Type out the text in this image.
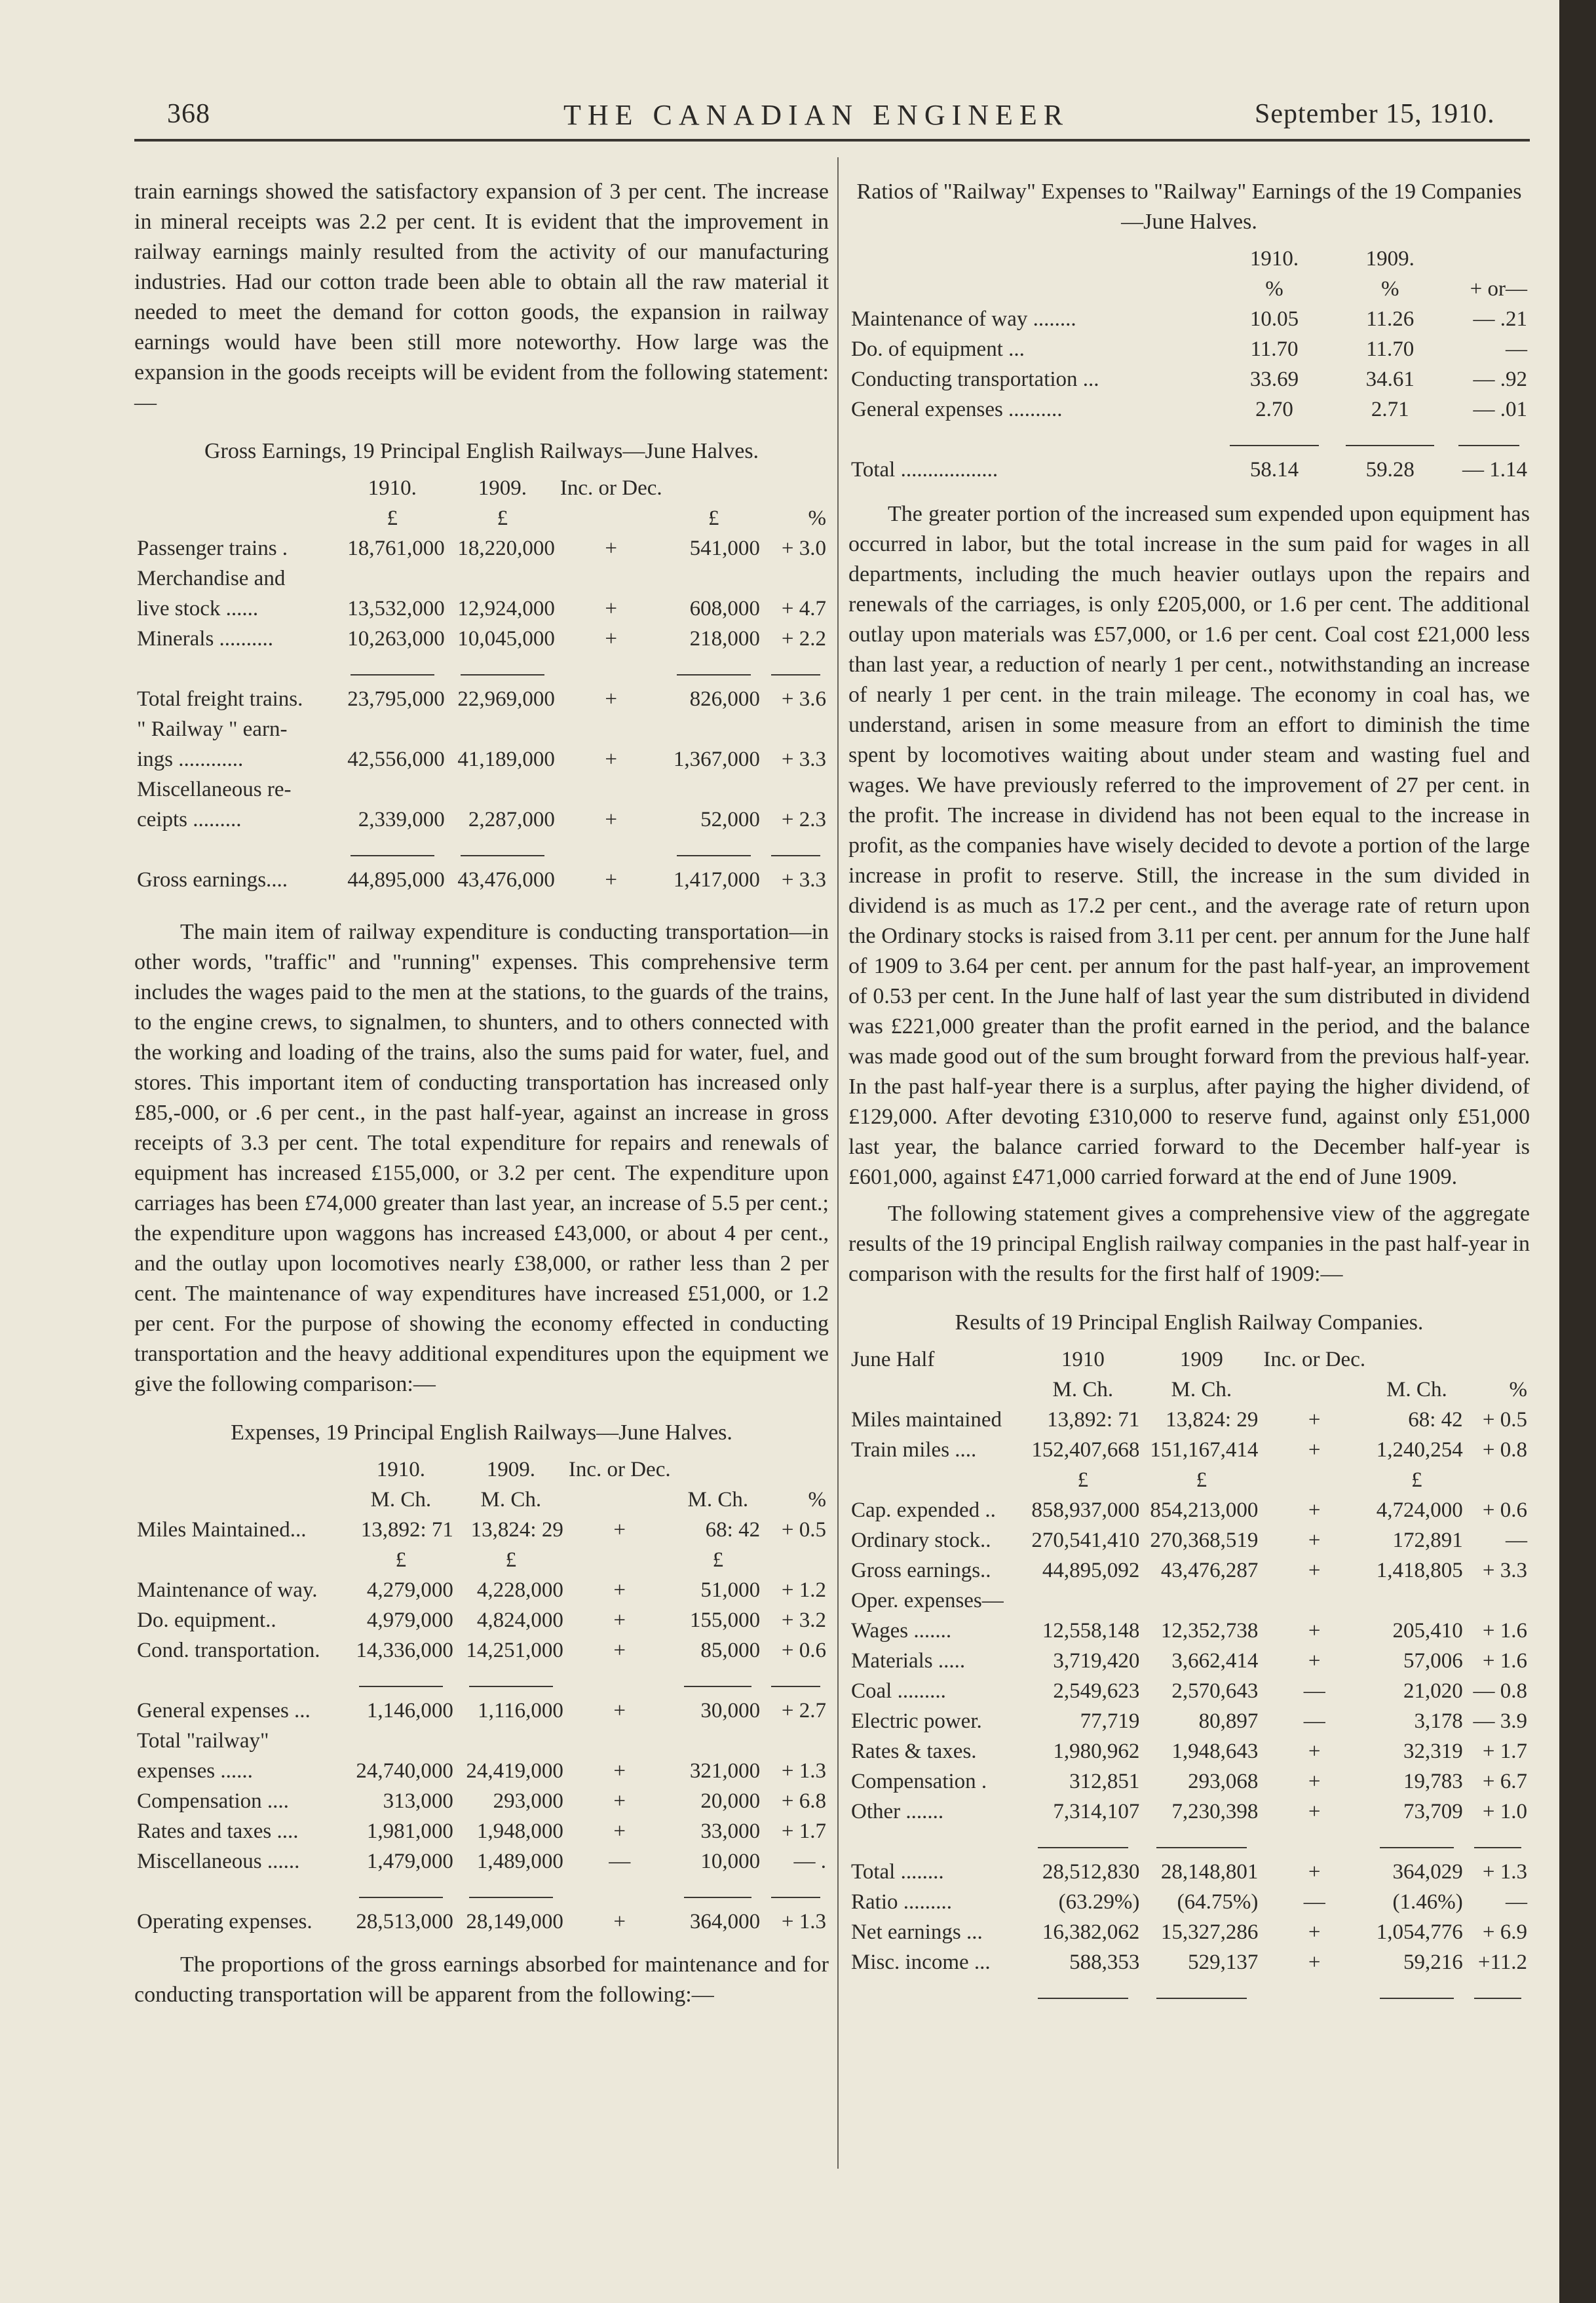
368	THE CANADIAN ENGINEER	September 15, 1910.

train earnings showed the satisfactory expansion of 3 per cent. The increase in mineral receipts was 2.2 per cent. It is evident that the improvement in railway earnings mainly resulted from the activity of our manufacturing industries. Had our cotton trade been able to obtain all the raw material it needed to meet the demand for cotton goods, the expansion in railway earnings would have been still more noteworthy. How large was the expansion in the goods receipts will be evident from the following statement:—

Gross Earnings, 19 Principal English Railways—June Halves.
	1910.	1909.	Inc. or Dec.		
	£	£		£	%
Passenger trains .	18,761,000	18,220,000	+	541,000	+ 3.0
Merchandise and					
live stock ......	13,532,000	12,924,000	+	608,000	+ 4.7
Minerals ..........	10,263,000	10,045,000	+	218,000	+ 2.2

Total freight trains.	23,795,000	22,969,000	+	826,000	+ 3.6
" Railway " earn-					
ings ............	42,556,000	41,189,000	+	1,367,000	+ 3.3
Miscellaneous re-					
ceipts .........	2,339,000	2,287,000	+	52,000	+ 2.3

Gross earnings....	44,895,000	43,476,000	+	1,417,000	+ 3.3

The main item of railway expenditure is conducting transportation—in other words, "traffic" and "running" expenses. This comprehensive term includes the wages paid to the men at the stations, to the guards of the trains, to the engine crews, to signalmen, to shunters, and to others connected with the working and loading of the trains, also the sums paid for water, fuel, and stores. This important item of conducting transportation has increased only £85,-000, or .6 per cent., in the past half-year, against an increase in gross receipts of 3.3 per cent. The total expenditure for repairs and renewals of equipment has increased £155,000, or 3.2 per cent. The expenditure upon carriages has been £74,000 greater than last year, an increase of 5.5 per cent.; the expenditure upon waggons has increased £43,000, or about 4 per cent., and the outlay upon locomotives nearly £38,000, or rather less than 2 per cent. The maintenance of way expenditures have increased £51,000, or 1.2 per cent. For the purpose of showing the economy effected in conducting transportation and the heavy additional expenditures upon the equipment we give the following comparison:—

Expenses, 19 Principal English Railways—June Halves.
	1910.	1909.	Inc. or Dec.		
	M. Ch.	M. Ch.		M. Ch.	%
Miles Maintained...	13,892: 71	13,824: 29	+	68: 42	+ 0.5
	£	£		£	
Maintenance of way.	4,279,000	4,228,000	+	51,000	+ 1.2
Do. equipment..	4,979,000	4,824,000	+	155,000	+ 3.2
Cond. transportation.	14,336,000	14,251,000	+	85,000	+ 0.6

General expenses ...	1,146,000	1,116,000	+	30,000	+ 2.7
Total "railway"					
expenses ......	24,740,000	24,419,000	+	321,000	+ 1.3
Compensation ....	313,000	293,000	+	20,000	+ 6.8
Rates and taxes ....	1,981,000	1,948,000	+	33,000	+ 1.7
Miscellaneous ......	1,479,000	1,489,000	—	10,000	— .

Operating expenses.	28,513,000	28,149,000	+	364,000	+ 1.3

The proportions of the gross earnings absorbed for maintenance and for conducting transportation will be apparent from the following:—

Ratios of "Railway" Expenses to "Railway" Earnings of the 19 Companies—June Halves.
	1910.	1909.	
	%	%	+ or—
Maintenance of way ........	10.05	11.26	— .21
Do. of equipment ...	11.70	11.70	—
Conducting transportation ...	33.69	34.61	— .92
General expenses ..........	2.70	2.71	— .01

Total ..................	58.14	59.28	— 1.14

The greater portion of the increased sum expended upon equipment has occurred in labor, but the total increase in the sum paid for wages in all departments, including the much heavier outlays upon the repairs and renewals of the carriages, is only £205,000, or 1.6 per cent. The additional outlay upon materials was £57,000, or 1.6 per cent. Coal cost £21,000 less than last year, a reduction of nearly 1 per cent., notwithstanding an increase of nearly 1 per cent. in the train mileage. The economy in coal has, we understand, arisen in some measure from an effort to diminish the time spent by locomotives waiting about under steam and wasting fuel and wages. We have previously referred to the improvement of 27 per cent. in the profit. The increase in dividend has not been equal to the increase in profit, as the companies have wisely decided to devote a portion of the large increase in profit to reserve. Still, the increase in the sum divided in dividend is as much as 17.2 per cent., and the average rate of return upon the Ordinary stocks is raised from 3.11 per cent. per annum for the June half of 1909 to 3.64 per cent. per annum for the past half-year, an improvement of 0.53 per cent. In the June half of last year the sum distributed in dividend was £221,000 greater than the profit earned in the period, and the balance was made good out of the sum brought forward from the previous half-year. In the past half-year there is a surplus, after paying the higher dividend, of £129,000. After devoting £310,000 to reserve fund, against only £51,000 last year, the balance carried forward to the December half-year is £601,000, against £471,000 carried forward at the end of June 1909.

The following statement gives a comprehensive view of the aggregate results of the 19 principal English railway companies in the past half-year in comparison with the results for the first half of 1909:—

Results of 19 Principal English Railway Companies.
June Half	1910	1909	Inc. or Dec.		
	M. Ch.	M. Ch.		M. Ch.	%
Miles maintained	13,892: 71	13,824: 29	+	68: 42	+ 0.5
Train miles ....	152,407,668	151,167,414	+	1,240,254	+ 0.8
	£	£		£	
Cap. expended ..	858,937,000	854,213,000	+	4,724,000	+ 0.6
Ordinary stock..	270,541,410	270,368,519	+	172,891	—
Gross earnings..	44,895,092	43,476,287	+	1,418,805	+ 3.3
Oper. expenses—					
Wages .......	12,558,148	12,352,738	+	205,410	+ 1.6
Materials .....	3,719,420	3,662,414	+	57,006	+ 1.6
Coal .........	2,549,623	2,570,643	—	21,020	— 0.8
Electric power.	77,719	80,897	—	3,178	— 3.9
Rates & taxes.	1,980,962	1,948,643	+	32,319	+ 1.7
Compensation .	312,851	293,068	+	19,783	+ 6.7
Other .......	7,314,107	7,230,398	+	73,709	+ 1.0

Total ........	28,512,830	28,148,801	+	364,029	+ 1.3
Ratio .........	(63.29%)	(64.75%)	—	(1.46%)	—
Net earnings ...	16,382,062	15,327,286	+	1,054,776	+ 6.9
Misc. income ...	588,353	529,137	+	59,216	+11.2
